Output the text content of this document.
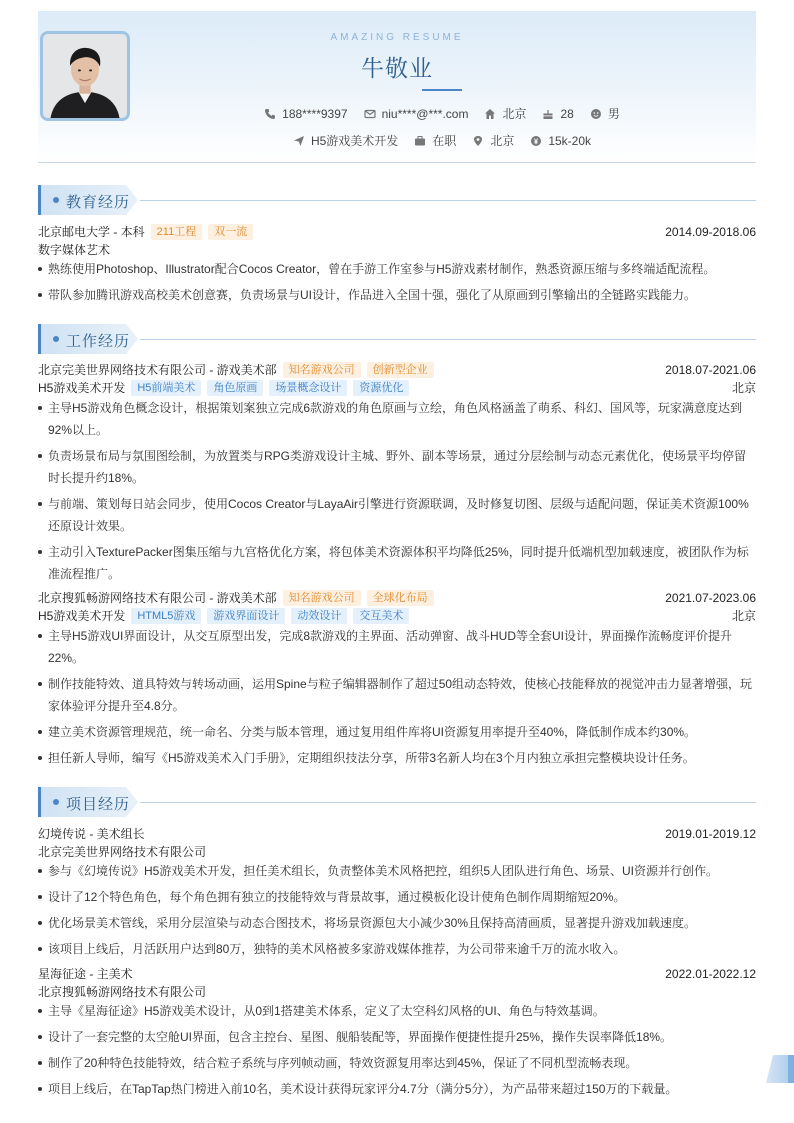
AMAZING RESUME
牛敬业
188****9397	niu****@***.com	北京	28	男
H5游戏美术开发	在职	北京	15k-20k
教育经历
北京邮电大学 - 本科	211工程	双一流	2014.09-2018.06
数字媒体艺术
熟练使用Photoshop、Illustrator配合Cocos Creator，曾在手游工作室参与H5游戏素材制作，熟悉资源压缩与多终端适配流程。
带队参加腾讯游戏高校美术创意赛，负责场景与UI设计，作品进入全国十强，强化了从原画到引擎输出的全链路实践能力。
工作经历
北京完美世界网络技术有限公司 - 游戏美术部	知名游戏公司	创新型企业	2018.07-2021.06
H5游戏美术开发	H5前端美术	角色原画	场景概念设计	资源优化	北京
主导H5游戏角色概念设计，根据策划案独立完成6款游戏的角色原画与立绘，角色风格涵盖了萌系、科幻、国风等，玩家满意度达到92%以上。
负责场景布局与氛围图绘制，为放置类与RPG类游戏设计主城、野外、副本等场景，通过分层绘制与动态元素优化，使场景平均停留时长提升约18%。
与前端、策划每日站会同步，使用Cocos Creator与LayaAir引擎进行资源联调，及时修复切图、层级与适配问题，保证美术资源100%还原设计效果。
主动引入TexturePacker图集压缩与九宫格优化方案，将包体美术资源体积平均降低25%，同时提升低端机型加载速度，被团队作为标准流程推广。
北京搜狐畅游网络技术有限公司 - 游戏美术部	知名游戏公司	全球化布局	2021.07-2023.06
H5游戏美术开发	HTML5游戏	游戏界面设计	动效设计	交互美术	北京
主导H5游戏UI界面设计，从交互原型出发，完成8款游戏的主界面、活动弹窗、战斗HUD等全套UI设计，界面操作流畅度评价提升22%。
制作技能特效、道具特效与转场动画，运用Spine与粒子编辑器制作了超过50组动态特效，使核心技能释放的视觉冲击力显著增强，玩家体验评分提升至4.8分。
建立美术资源管理规范，统一命名、分类与版本管理，通过复用组件库将UI资源复用率提升至40%，降低制作成本约30%。
担任新人导师，编写《H5游戏美术入门手册》，定期组织技法分享，所带3名新人均在3个月内独立承担完整模块设计任务。
项目经历
幻境传说 - 美术组长	2019.01-2019.12
北京完美世界网络技术有限公司
参与《幻境传说》H5游戏美术开发，担任美术组长，负责整体美术风格把控，组织5人团队进行角色、场景、UI资源并行创作。
设计了12个特色角色，每个角色拥有独立的技能特效与背景故事，通过模板化设计使角色制作周期缩短20%。
优化场景美术管线，采用分层渲染与动态合图技术，将场景资源包大小减少30%且保持高清画质，显著提升游戏加载速度。
该项目上线后，月活跃用户达到80万，独特的美术风格被多家游戏媒体推荐，为公司带来逾千万的流水收入。
星海征途 - 主美术	2022.01-2022.12
北京搜狐畅游网络技术有限公司
主导《星海征途》H5游戏美术设计，从0到1搭建美术体系，定义了太空科幻风格的UI、角色与特效基调。
设计了一套完整的太空舱UI界面，包含主控台、星图、舰船装配等，界面操作便捷性提升25%，操作失误率降低18%。
制作了20种特色技能特效，结合粒子系统与序列帧动画，特效资源复用率达到45%，保证了不同机型流畅表现。
项目上线后，在TapTap热门榜进入前10名，美术设计获得玩家评分4.7分（满分5分），为产品带来超过150万的下载量。
